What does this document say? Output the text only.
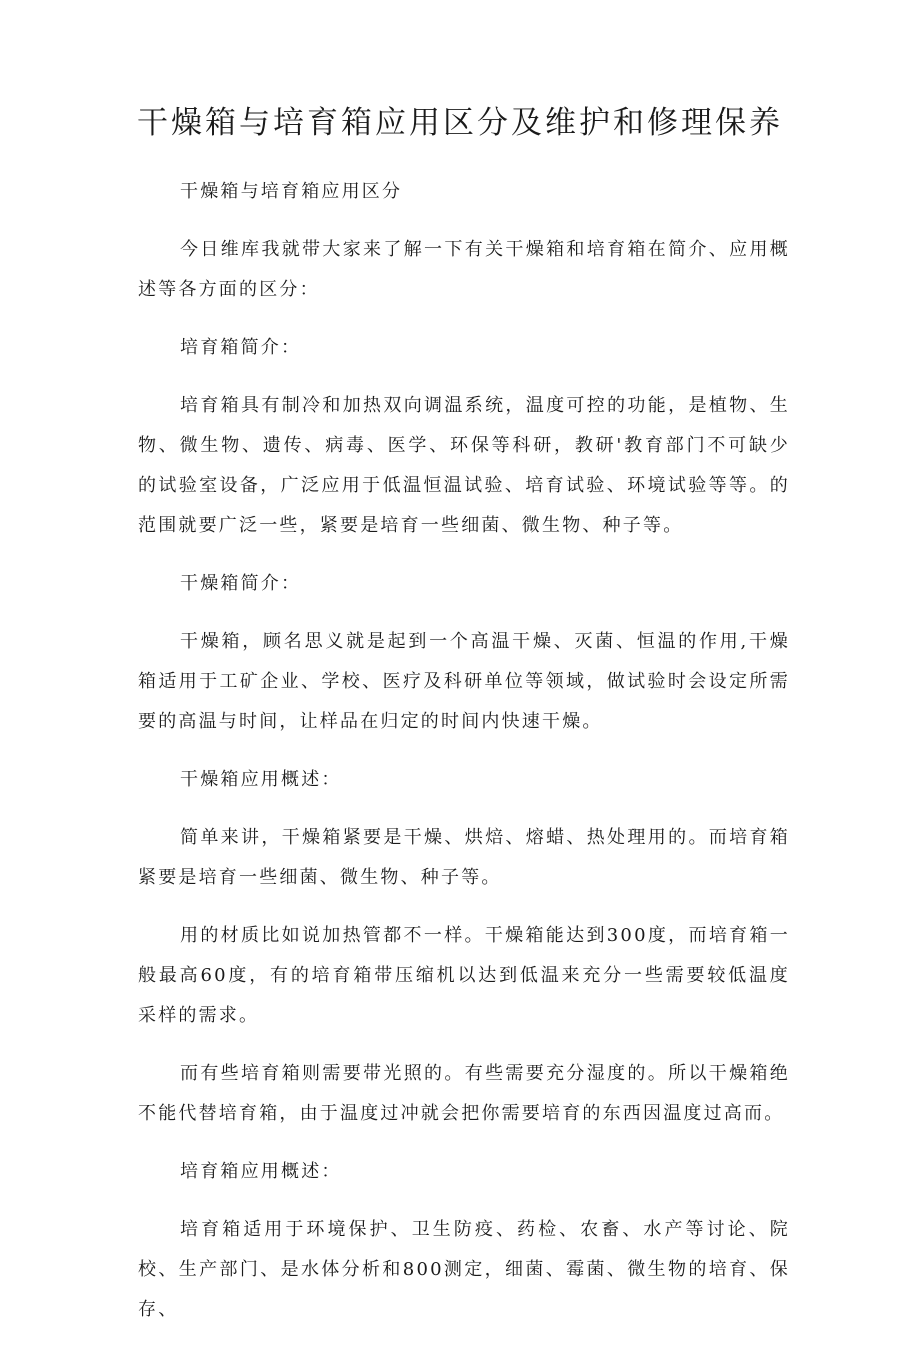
干燥箱与培育箱应用区分及维护和修理保养

干燥箱与培育箱应用区分

今日维库我就带大家来了解一下有关干燥箱和培育箱在简介、应用概述等各方面的区分：

培育箱简介：

培育箱具有制冷和加热双向调温系统，温度可控的功能，是植物、生物、微生物、遗传、病毒、医学、环保等科研，教研'教育部门不可缺少的试验室设备，广泛应用于低温恒温试验、培育试验、环境试验等等。的范围就要广泛一些，紧要是培育一些细菌、微生物、种子等。

干燥箱简介：

干燥箱，顾名思义就是起到一个高温干燥、灭菌、恒温的作用,干燥箱适用于工矿企业、学校、医疗及科研单位等领域，做试验时会设定所需要的高温与时间，让样品在归定的时间内快速干燥。

干燥箱应用概述：

简单来讲，干燥箱紧要是干燥、烘焙、熔蜡、热处理用的。而培育箱紧要是培育一些细菌、微生物、种子等。

用的材质比如说加热管都不一样。干燥箱能达到300度，而培育箱一般最高60度，有的培育箱带压缩机以达到低温来充分一些需要较低温度采样的需求。

而有些培育箱则需要带光照的。有些需要充分湿度的。所以干燥箱绝不能代替培育箱，由于温度过冲就会把你需要培育的东西因温度过高而。

培育箱应用概述：

培育箱适用于环境保护、卫生防疫、药检、农畜、水产等讨论、院校、生产部门、是水体分析和800测定，细菌、霉菌、微生物的培育、保存、
